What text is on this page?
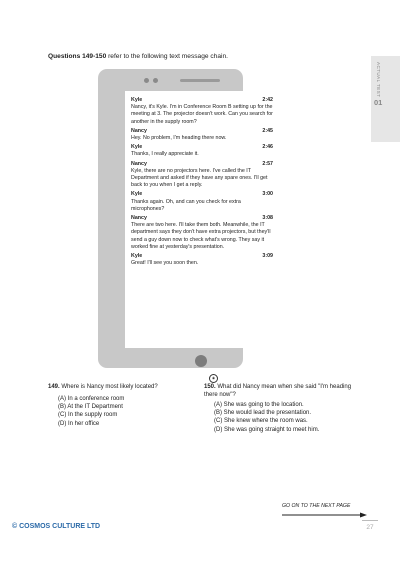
Questions 149-150 refer to the following text message chain.
ACTUAL TEST
01
Kyle	2:42

Nancy, it's Kyle. I'm in Conference Room B setting up for the meeting at 3. The projector doesn't work. Can you search for another in the supply room?

Nancy	2:45

Hey. No problem, I'm heading there now.

Kyle	2:46

Thanks, I really appreciate it.

Nancy	2:57

Kyle, there are no projectors here. I've called the IT Department and asked if they have any spare ones. I'll get back to you when I get a reply.

Kyle	3:00

Thanks again. Oh, and can you check for extra microphones?

Nancy	3:08

There are two here. I'll take them both. Meanwhile, the IT department says they don't have extra projectors, but they'll send a guy down now to check what's wrong. They say it worked fine at yesterday's presentation.

Kyle	3:09

Great! I'll see you soon then.

◉
149. Where is Nancy most likely located?
(A) In a conference room
(B) At the IT Department
(C) In the supply room
(D) In her office
150. What did Nancy mean when she said "I'm heading there now"?
(A) She was going to the location.
(B) She would lead the presentation.
(C) She knew where the room was.
(D) She was going straight to meet him.
GO ON TO THE NEXT PAGE
© COSMOS CULTURE LTD	27
